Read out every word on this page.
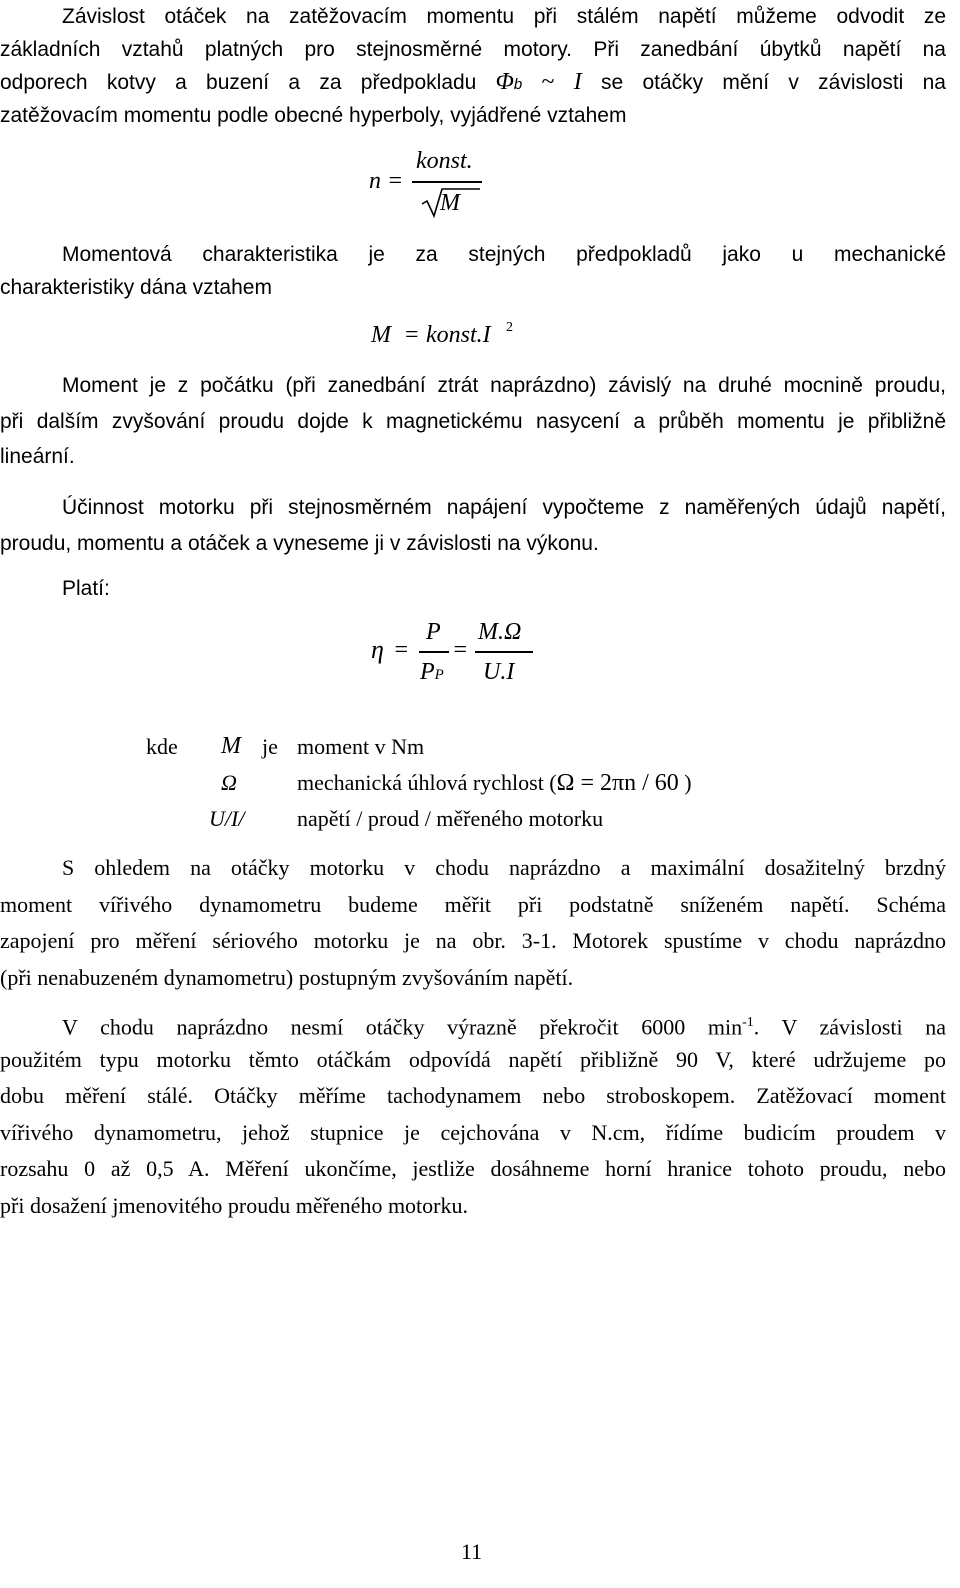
Závislost otáček na zatěžovacím momentu při stálém napětí můžeme odvodit ze
základních vztahů platných pro stejnosměrné motory. Při zanedbání úbytků napětí na
odporech kotvy a buzení a za předpokladu Φb ~ I se otáčky mění v závislosti na
zatěžovacím momentu podle obecné hyperboly, vyjádřené vztahem
n =
konst.
M
Momentová charakteristika je za stejných předpokladů jako u mechanické
charakteristiky dána vztahem
M = konst.I 2
Moment je z počátku (při zanedbání ztrát naprázdno) závislý na druhé mocnině proudu,
při dalším zvyšování proudu dojde k magnetickému nasycení a průběh momentu je přibližně
lineární.
Účinnost motorku při stejnosměrném napájení vypočteme z naměřených údajů napětí,
proudu, momentu a otáček a vyneseme ji v závislosti na výkonu.
Platí:
η =
P
PP
=
M.Ω
U.I
kde M je moment v Nm
Ω	mechanická úhlová rychlost (Ω = 2πn / 60 )
U/I/ napětí / proud / měřeného motorku
S ohledem na otáčky motorku v chodu naprázdno a maximální dosažitelný brzdný
moment vířivého dynamometru budeme měřit při podstatně sníženém napětí. Schéma
zapojení pro měření sériového motorku je na obr. 3-1. Motorek spustíme v chodu naprázdno
(při nenabuzeném dynamometru) postupným zvyšováním napětí.
V chodu naprázdno nesmí otáčky výrazně překročit 6000 $\min^{-1}$. V závislosti na
použitém typu motorku těmto otáčkám odpovídá napětí přibližně 90 V, které udržujeme po
dobu měření stálé. Otáčky měříme tachodynamem nebo stroboskopem. Zatěžovací moment
vířivého dynamometru, jehož stupnice je cejchována v N.cm, řídíme budicím proudem v
rozsahu 0 až 0,5 A. Měření ukončíme, jestliže dosáhneme horní hranice tohoto proudu, nebo
při dosažení jmenovitého proudu měřeného motorku.
11
